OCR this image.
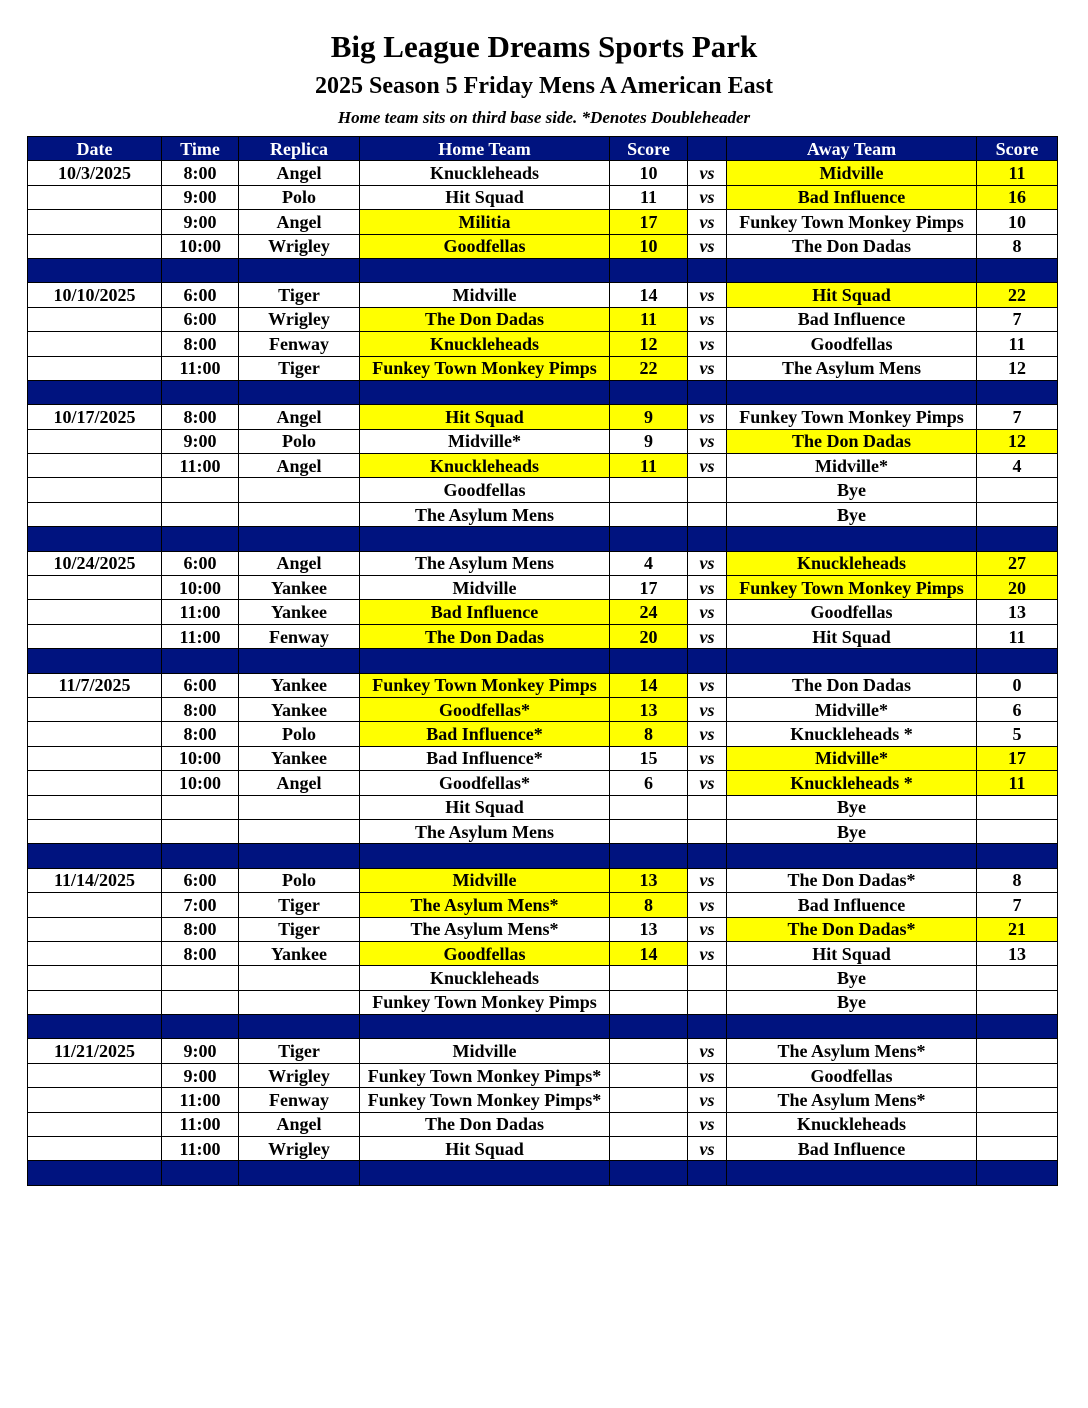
Big League Dreams Sports Park
2025 Season 5 Friday Mens A American East
Home team sits on third base side. *Denotes Doubleheader
Date	Time	Replica	Home Team	Score		Away Team	Score
10/3/2025	8:00	Angel	Knuckleheads	10	vs	Midville	11
	9:00	Polo	Hit Squad	11	vs	Bad Influence	16
	9:00	Angel	Militia	17	vs	Funkey Town Monkey Pimps	10
	10:00	Wrigley	Goodfellas	10	vs	The Don Dadas	8

10/10/2025	6:00	Tiger	Midville	14	vs	Hit Squad	22
	6:00	Wrigley	The Don Dadas	11	vs	Bad Influence	7
	8:00	Fenway	Knuckleheads	12	vs	Goodfellas	11
	11:00	Tiger	Funkey Town Monkey Pimps	22	vs	The Asylum Mens	12

10/17/2025	8:00	Angel	Hit Squad	9	vs	Funkey Town Monkey Pimps	7
	9:00	Polo	Midville*	9	vs	The Don Dadas	12
	11:00	Angel	Knuckleheads	11	vs	Midville*	4
			Goodfellas			Bye	
			The Asylum Mens			Bye	

10/24/2025	6:00	Angel	The Asylum Mens	4	vs	Knuckleheads	27
	10:00	Yankee	Midville	17	vs	Funkey Town Monkey Pimps	20
	11:00	Yankee	Bad Influence	24	vs	Goodfellas	13
	11:00	Fenway	The Don Dadas	20	vs	Hit Squad	11

11/7/2025	6:00	Yankee	Funkey Town Monkey Pimps	14	vs	The Don Dadas	0
	8:00	Yankee	Goodfellas*	13	vs	Midville*	6
	8:00	Polo	Bad Influence*	8	vs	Knuckleheads *	5
	10:00	Yankee	Bad Influence*	15	vs	Midville*	17
	10:00	Angel	Goodfellas*	6	vs	Knuckleheads *	11
			Hit Squad			Bye	
			The Asylum Mens			Bye	

11/14/2025	6:00	Polo	Midville	13	vs	The Don Dadas*	8
	7:00	Tiger	The Asylum Mens*	8	vs	Bad Influence	7
	8:00	Tiger	The Asylum Mens*	13	vs	The Don Dadas*	21
	8:00	Yankee	Goodfellas	14	vs	Hit Squad	13
			Knuckleheads			Bye	
			Funkey Town Monkey Pimps			Bye	

11/21/2025	9:00	Tiger	Midville		vs	The Asylum Mens*	
	9:00	Wrigley	Funkey Town Monkey Pimps*		vs	Goodfellas	
	11:00	Fenway	Funkey Town Monkey Pimps*		vs	The Asylum Mens*	
	11:00	Angel	The Don Dadas		vs	Knuckleheads	
	11:00	Wrigley	Hit Squad		vs	Bad Influence	
